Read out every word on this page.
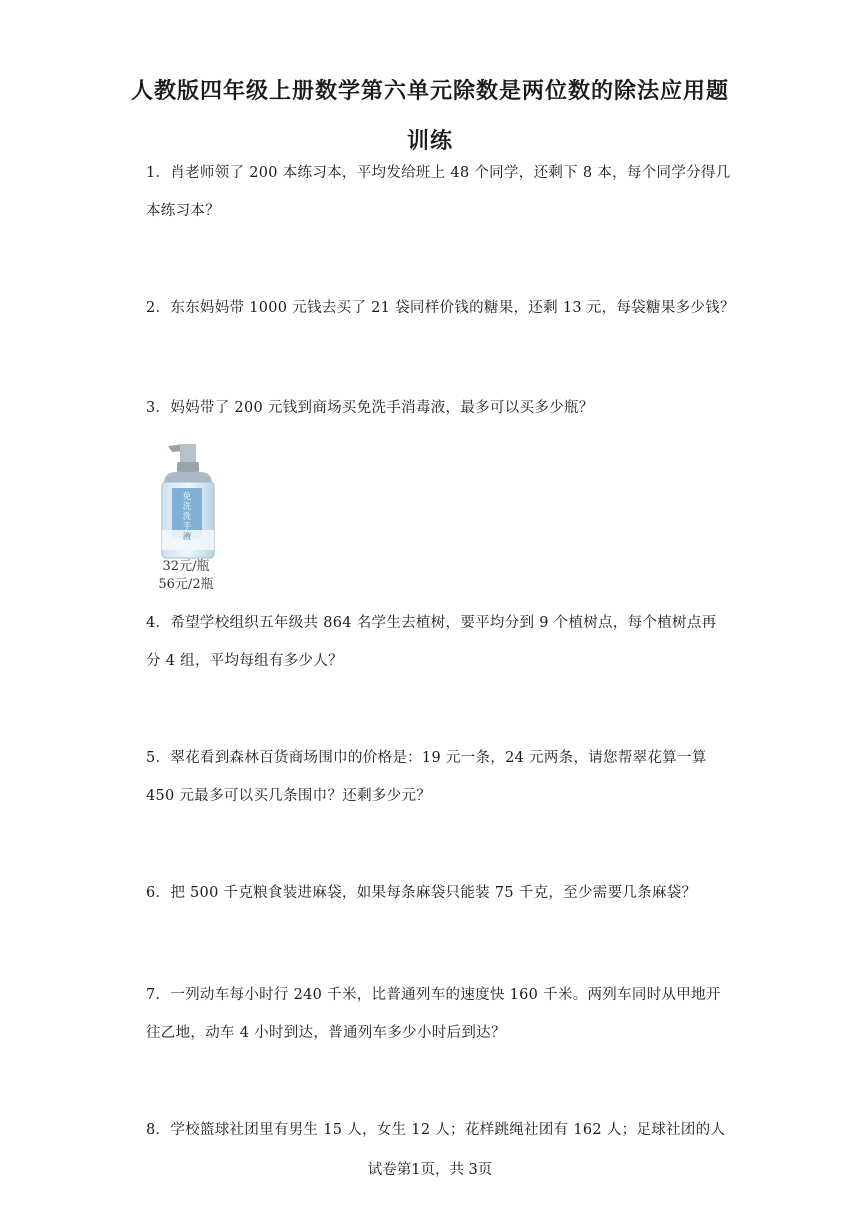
人教版四年级上册数学第六单元除数是两位数的除法应用题
训练
1．肖老师领了 200 本练习本，平均发给班上 48 个同学，还剩下 8 本，每个同学分得几
本练习本？
2．东东妈妈带 1000 元钱去买了 21 袋同样价钱的糖果，还剩 13 元，每袋糖果多少钱？
3．妈妈带了 200 元钱到商场买免洗手消毒液，最多可以买多少瓶？
免
洗
洗
手
液
32元/瓶
56元/2瓶
4．希望学校组织五年级共 864 名学生去植树，要平均分到 9 个植树点，每个植树点再
分 4 组，平均每组有多少人？
5．翠花看到森林百货商场围巾的价格是：19 元一条，24 元两条，请您帮翠花算一算
450 元最多可以买几条围巾？还剩多少元？
6．把 500 千克粮食装进麻袋，如果每条麻袋只能装 75 千克，至少需要几条麻袋？
7．一列动车每小时行 240 千米，比普通列车的速度快 160 千米。两列车同时从甲地开
往乙地，动车 4 小时到达，普通列车多少小时后到达？
8．学校篮球社团里有男生 15 人，女生 12 人；花样跳绳社团有 162 人；足球社团的人
试卷第1页，共 3页
